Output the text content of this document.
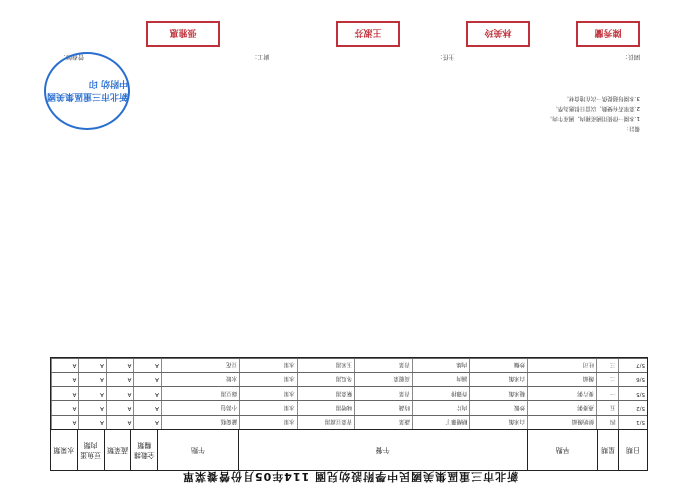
新北市三重區集美國民中學附設幼兒園 114年05月份營養菜單
日期
星期
早點
午餐
午點
全穀雜糧類
蔬菜類
豆魚蛋肉類
水果類
5/1
四
鮮奶饅頭
白米飯
糖醋雞丁
蔬菜
青菜豆腐湯
水果
蘿蔔糕
A
A
A
A
5/2
五
燕麥粥
炒飯
肉片
時蔬
味噌湯
水果
小湯包
A
A
A
A
5/5
一
麥片粥
糙米飯
炸雞排
青菜
紫菜湯
水果
綠豆湯
A
A
A
A
5/6
二
饅頭
白米飯
滷肉
高麗菜
冬瓜湯
水果
水餃
A
A
A
A
5/7
三
吐司
炒麵
肉絲
青菜
玉米湯
水果
豆花
A
A
A
A
備註：
1.本園一律使用國產豬肉、國產牛肉。
2.菜單若有變動，以當日供應為準。
3.本園每週提供一次在地食材。
園長：
主任：
廚工：
營養師：
陳秀蘭
林美玲
王淑芬
張雅惠
新北市三重區集美國中附幼 印
